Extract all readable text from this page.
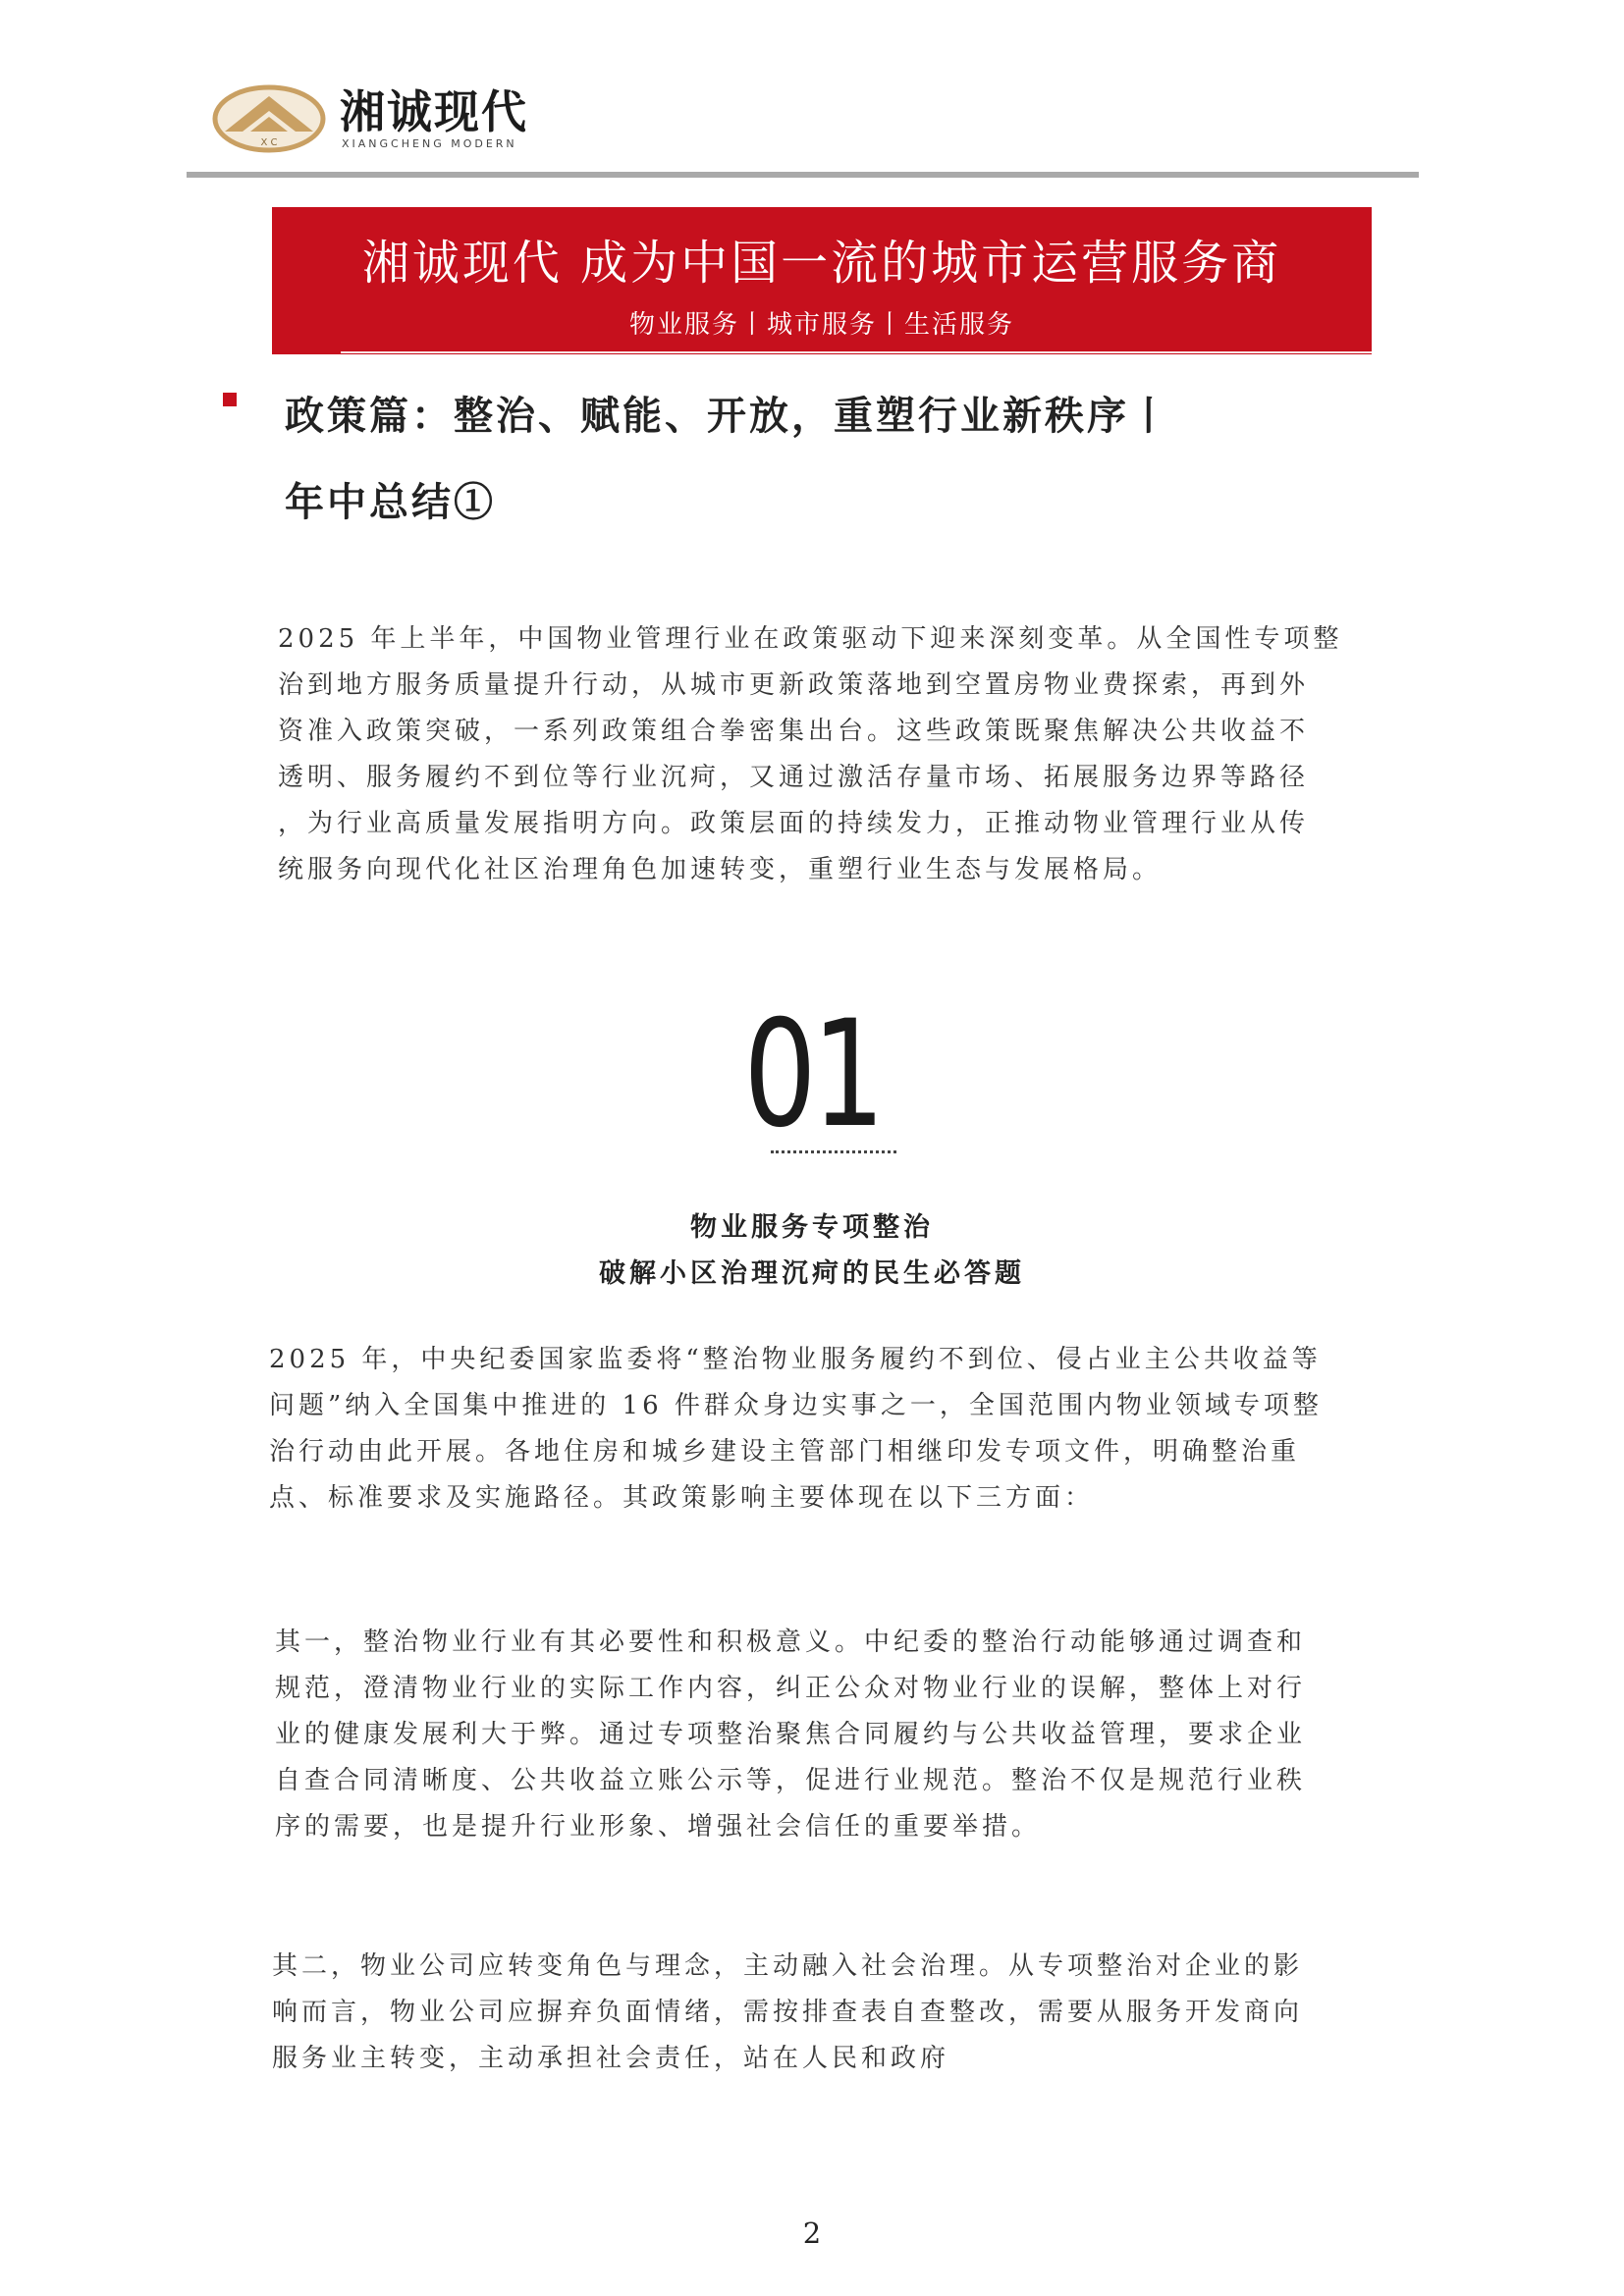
X C
湘诚现代
XIANGCHENG MODERN
湘诚现代 成为中国一流的城市运营服务商
物业服务丨城市服务丨生活服务
政策篇：整治、赋能、开放，重塑行业新秩序丨
年中总结①
2025 年上半年，中国物业管理行业在政策驱动下迎来深刻变革。从全国性专项整
治到地方服务质量提升行动，从城市更新政策落地到空置房物业费探索，再到外
资准入政策突破，一系列政策组合拳密集出台。这些政策既聚焦解决公共收益不
透明、服务履约不到位等行业沉疴，又通过激活存量市场、拓展服务边界等路径
，为行业高质量发展指明方向。政策层面的持续发力，正推动物业管理行业从传
统服务向现代化社区治理角色加速转变，重塑行业生态与发展格局。
01
物业服务专项整治
破解小区治理沉疴的民生必答题
2025 年，中央纪委国家监委将“整治物业服务履约不到位、侵占业主公共收益等
问题”纳入全国集中推进的 16 件群众身边实事之一，全国范围内物业领域专项整
治行动由此开展。各地住房和城乡建设主管部门相继印发专项文件，明确整治重
点、标准要求及实施路径。其政策影响主要体现在以下三方面：
其一，整治物业行业有其必要性和积极意义。中纪委的整治行动能够通过调查和
规范，澄清物业行业的实际工作内容，纠正公众对物业行业的误解，整体上对行
业的健康发展利大于弊。通过专项整治聚焦合同履约与公共收益管理，要求企业
自查合同清晰度、公共收益立账公示等，促进行业规范。整治不仅是规范行业秩
序的需要，也是提升行业形象、增强社会信任的重要举措。
其二，物业公司应转变角色与理念，主动融入社会治理。从专项整治对企业的影
响而言，物业公司应摒弃负面情绪，需按排查表自查整改，需要从服务开发商向
服务业主转变，主动承担社会责任，站在人民和政府
2
